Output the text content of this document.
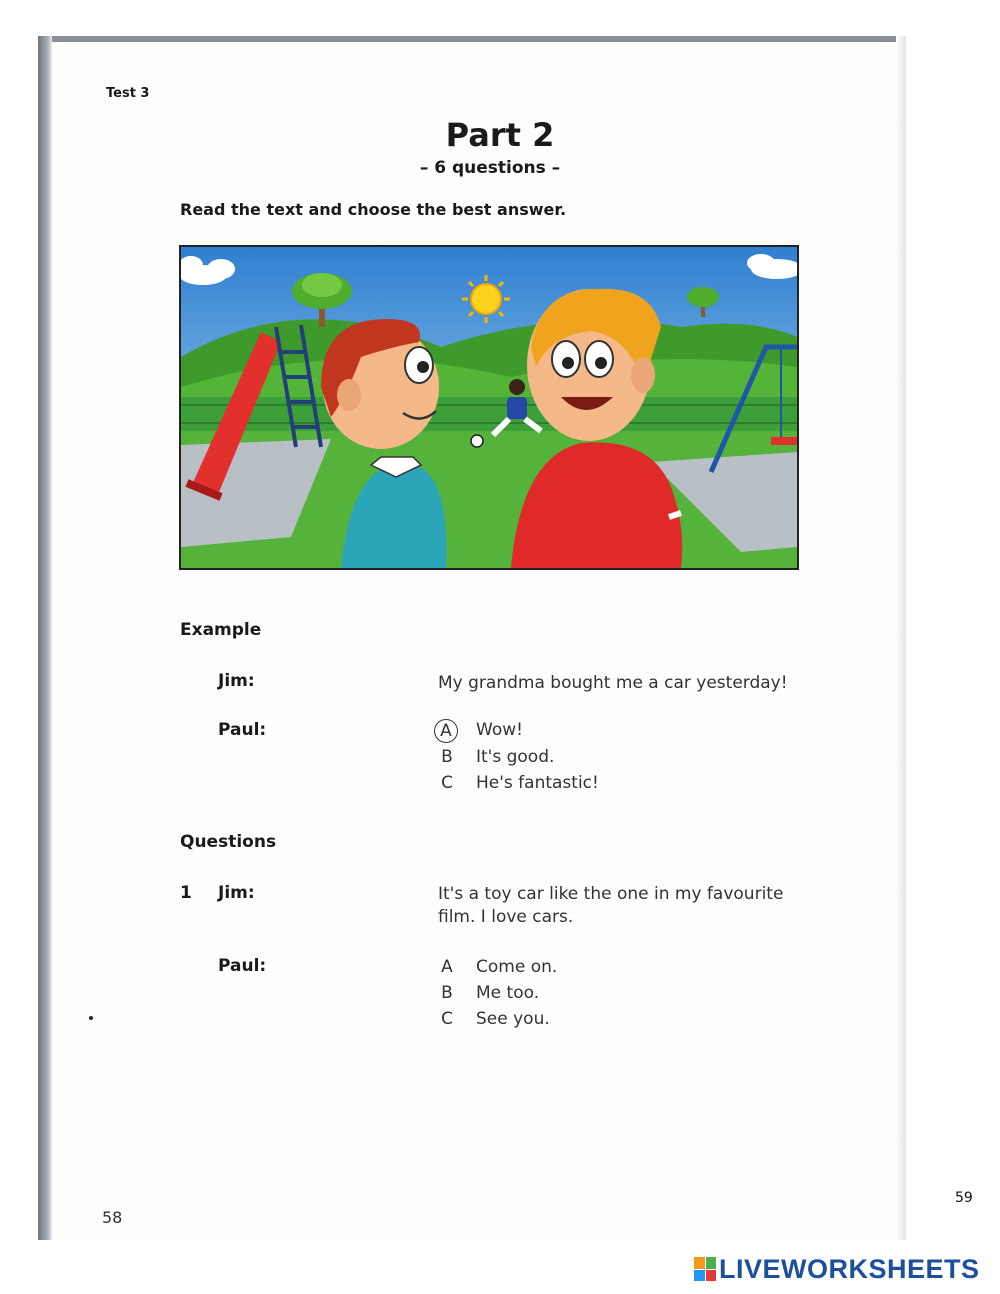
Test 3
Part 2
– 6 questions –
Read the text and choose the best answer.
Example
Jim:	My grandma bought me a car yesterday!
Paul:	A	Wow!
B It's good.
C He's fantastic!
Questions
1 Jim:	It's a toy car like the one in my favourite
film. I love cars.
Paul:	A Come on.
B Me too.
C See you.
58
59
LIVEWORKSHEETS
